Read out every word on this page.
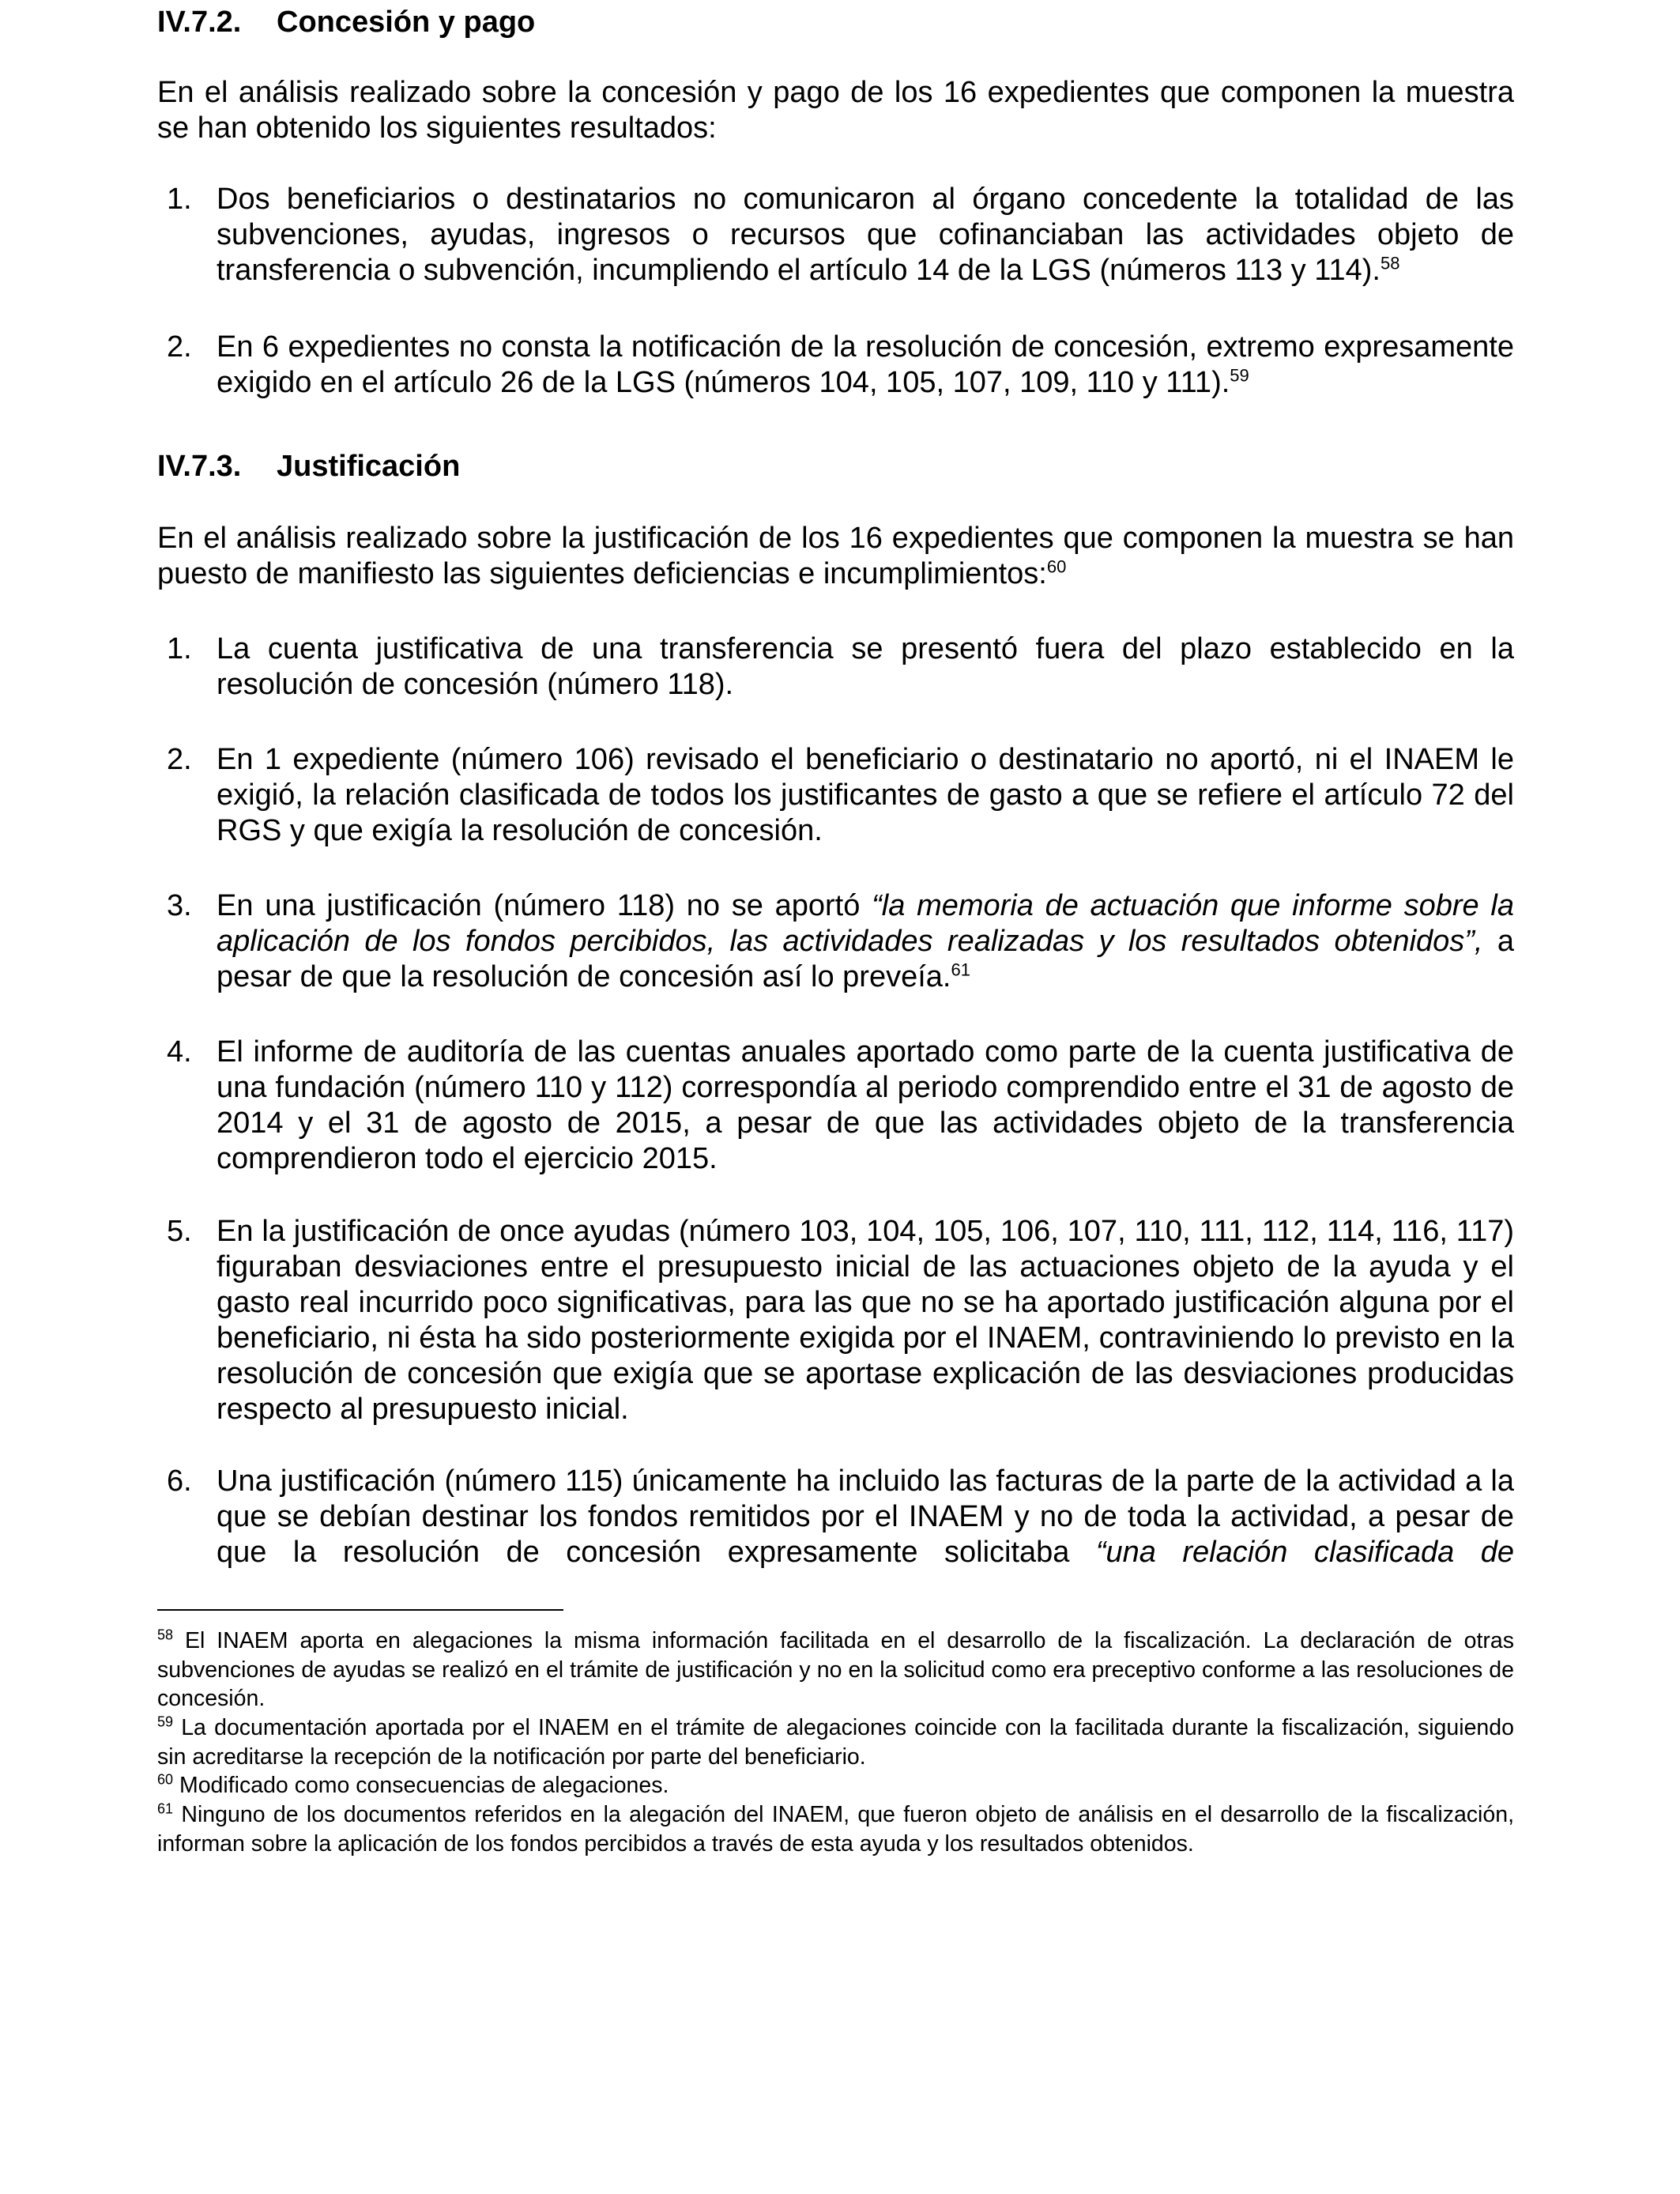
IV.7.2. Concesión y pago

En el análisis realizado sobre la concesión y pago de los 16 expedientes que componen la muestra se han obtenido los siguientes resultados:

1. Dos beneficiarios o destinatarios no comunicaron al órgano concedente la totalidad de las subvenciones, ayudas, ingresos o recursos que cofinanciaban las actividades objeto de transferencia o subvención, incumpliendo el artículo 14 de la LGS (números 113 y 114).$^{58}$
2. En 6 expedientes no consta la notificación de la resolución de concesión, extremo expresamente exigido en el artículo 26 de la LGS (números 104, 105, 107, 109, 110 y 111).$^{59}$
IV.7.3. Justificación

En el análisis realizado sobre la justificación de los 16 expedientes que componen la muestra se han puesto de manifiesto las siguientes deficiencias e incumplimientos:$^{60}$

1. La cuenta justificativa de una transferencia se presentó fuera del plazo establecido en la resolución de concesión (número 118).
2. En 1 expediente (número 106) revisado el beneficiario o destinatario no aportó, ni el INAEM le exigió, la relación clasificada de todos los justificantes de gasto a que se refiere el artículo 72 del RGS y que exigía la resolución de concesión.
3. En una justificación (número 118) no se aportó “la memoria de actuación que informe sobre la aplicación de los fondos percibidos, las actividades realizadas y los resultados obtenidos”, a pesar de que la resolución de concesión así lo preveía.$^{61}$
4. El informe de auditoría de las cuentas anuales aportado como parte de la cuenta justificativa de una fundación (número 110 y 112) correspondía al periodo comprendido entre el 31 de agosto de 2014 y el 31 de agosto de 2015, a pesar de que las actividades objeto de la transferencia comprendieron todo el ejercicio 2015.
5. En la justificación de once ayudas (número 103, 104, 105, 106, 107, 110, 111, 112, 114, 116, 117) figuraban desviaciones entre el presupuesto inicial de las actuaciones objeto de la ayuda y el gasto real incurrido poco significativas, para las que no se ha aportado justificación alguna por el beneficiario, ni ésta ha sido posteriormente exigida por el INAEM, contraviniendo lo previsto en la resolución de concesión que exigía que se aportase explicación de las desviaciones producidas respecto al presupuesto inicial.
6. Una justificación (número 115) únicamente ha incluido las facturas de la parte de la actividad a la que se debían destinar los fondos remitidos por el INAEM y no de toda la actividad, a pesar de que la resolución de concesión expresamente solicitaba “una relación clasificada de
$^{58}$ El INAEM aporta en alegaciones la misma información facilitada en el desarrollo de la fiscalización. La declaración de otras subvenciones de ayudas se realizó en el trámite de justificación y no en la solicitud como era preceptivo conforme a las resoluciones de concesión.
$^{59}$ La documentación aportada por el INAEM en el trámite de alegaciones coincide con la facilitada durante la fiscalización, siguiendo sin acreditarse la recepción de la notificación por parte del beneficiario.
$^{60}$ Modificado como consecuencias de alegaciones.
$^{61}$ Ninguno de los documentos referidos en la alegación del INAEM, que fueron objeto de análisis en el desarrollo de la fiscalización, informan sobre la aplicación de los fondos percibidos a través de esta ayuda y los resultados obtenidos.
